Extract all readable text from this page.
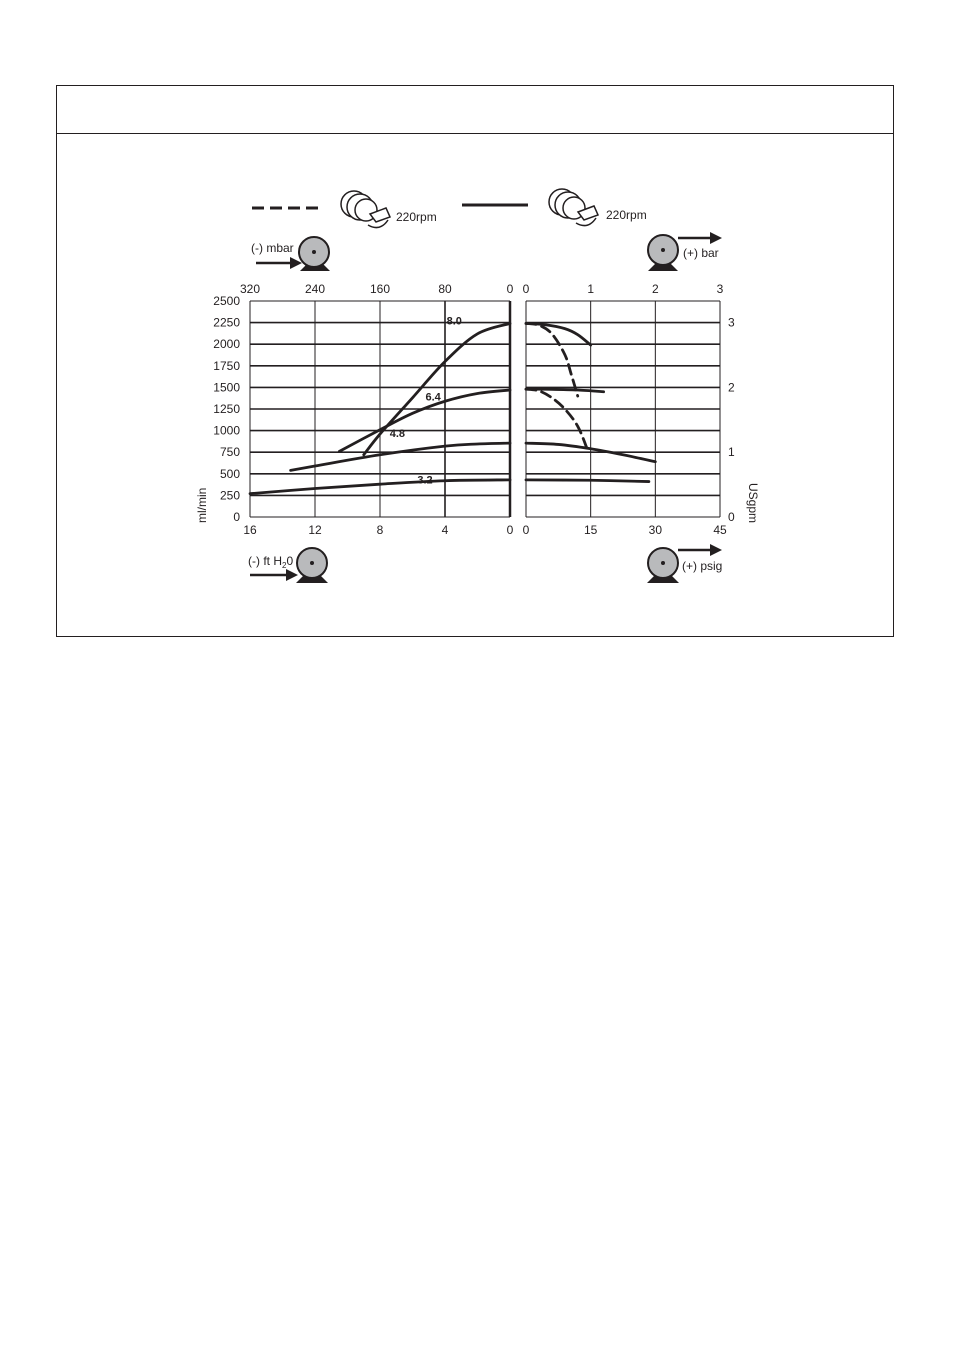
220rpm	220rpm
(-) mbar	(+) bar
(-) ft $H_20$	(+) psig
ml/min	USgpm
2500
2250
2000
1750
1500
1250
1000
750
500
250
0
3
2
1
0
320	240	160	80	0
16	12	8	4	0
0	1	2	3
0	15	30	45
8.0
6.4
4.8
3.2
